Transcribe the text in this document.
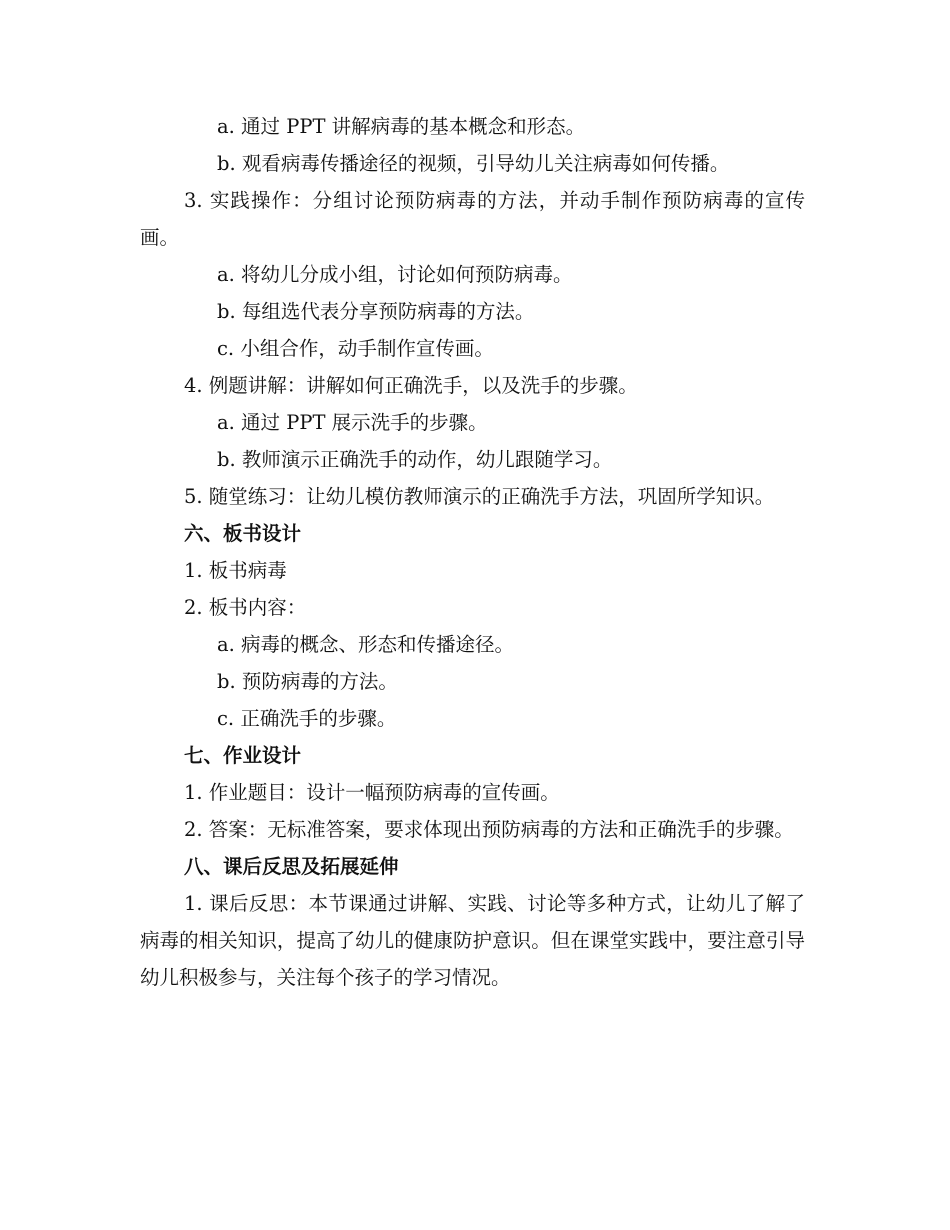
a. 通过 PPT 讲解病毒的基本概念和形态。

b. 观看病毒传播途径的视频，引导幼儿关注病毒如何传播。

3. 实践操作：分组讨论预防病毒的方法，并动手制作预防病毒的宣传画。

a. 将幼儿分成小组，讨论如何预防病毒。

b. 每组选代表分享预防病毒的方法。

c. 小组合作，动手制作宣传画。

4. 例题讲解：讲解如何正确洗手，以及洗手的步骤。

a. 通过 PPT 展示洗手的步骤。

b. 教师演示正确洗手的动作，幼儿跟随学习。

5. 随堂练习：让幼儿模仿教师演示的正确洗手方法，巩固所学知识。

六、板书设计

1. 板书病毒

2. 板书内容：

a. 病毒的概念、形态和传播途径。

b. 预防病毒的方法。

c. 正确洗手的步骤。

七、作业设计

1. 作业题目：设计一幅预防病毒的宣传画。

2. 答案：无标准答案，要求体现出预防病毒的方法和正确洗手的步骤。

八、课后反思及拓展延伸

1. 课后反思：本节课通过讲解、实践、讨论等多种方式，让幼儿了解了病毒的相关知识，提高了幼儿的健康防护意识。但在课堂实践中，要注意引导幼儿积极参与，关注每个孩子的学习情况。
